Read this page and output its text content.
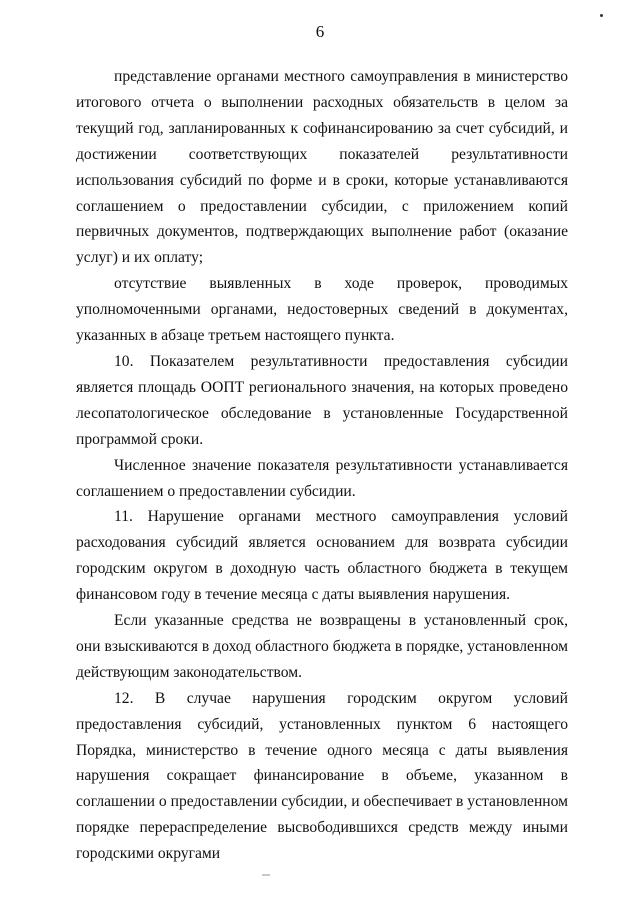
6

представление органами местного самоуправления в министерство итогового отчета о выполнении расходных обязательств в целом за текущий год, запланированных к софинансированию за счет субсидий, и достижении соответствующих показателей результативности использования субсидий по форме и в сроки, которые устанавливаются соглашением о предоставлении субсидии, с приложением копий первичных документов, подтверждающих выполнение работ (оказание услуг) и их оплату;

отсутствие выявленных в ходе проверок, проводимых уполномоченными органами, недостоверных сведений в документах, указанных в абзаце третьем настоящего пункта.

10. Показателем результативности предоставления субсидии является площадь ООПТ регионального значения, на которых проведено лесопатологическое обследование в установленные Государственной программой сроки.

Численное значение показателя результативности устанавливается соглашением о предоставлении субсидии.

11. Нарушение органами местного самоуправления условий расходования субсидий является основанием для возврата субсидии городским округом в доходную часть областного бюджета в текущем финансовом году в течение месяца с даты выявления нарушения.

Если указанные средства не возвращены в установленный срок, они взыскиваются в доход областного бюджета в порядке, установленном действующим законодательством.

12. В случае нарушения городским округом условий предоставления субсидий, установленных пунктом 6 настоящего Порядка, министерство в течение одного месяца с даты выявления нарушения сокращает финансирование в объеме, указанном в соглашении о предоставлении субсидии, и обеспечивает в установленном порядке перераспределение высвободившихся средств между иными городскими округами
